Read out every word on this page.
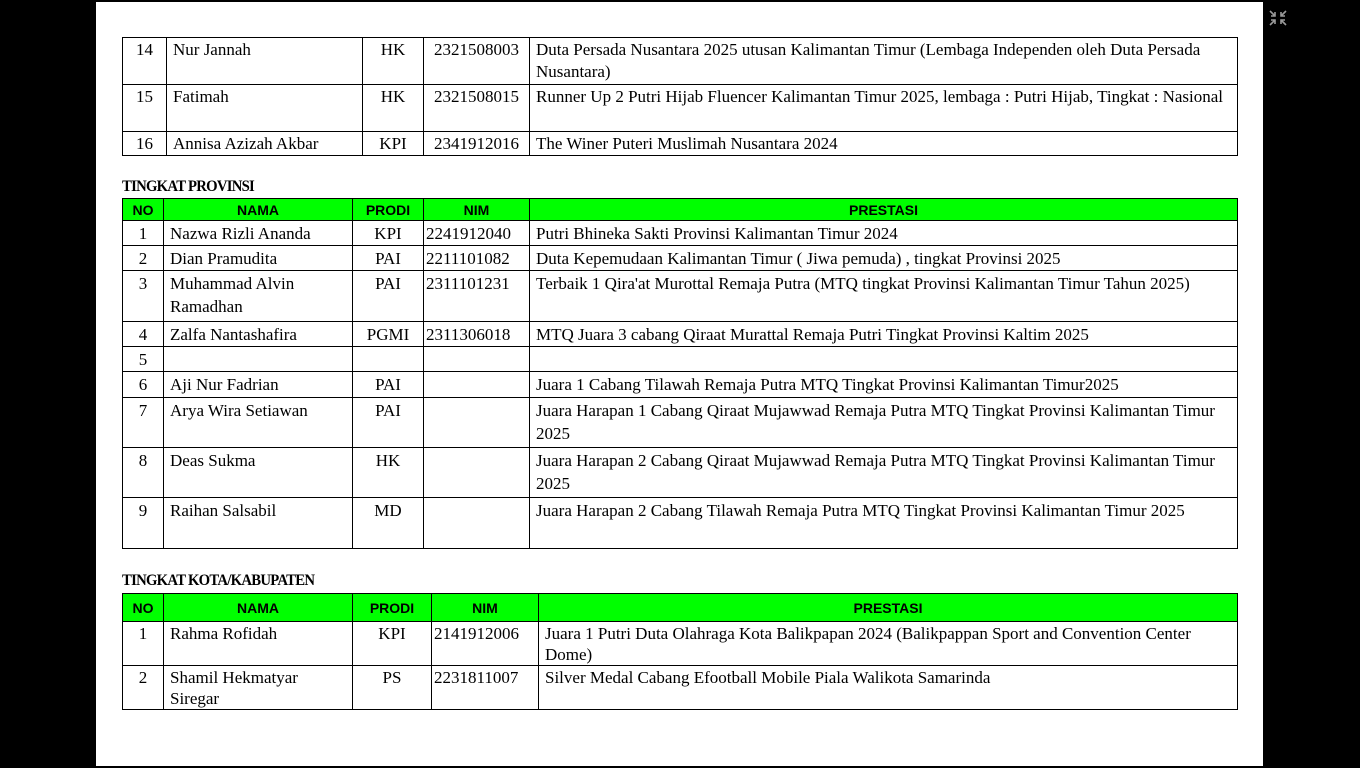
14	Nur Jannah	HK	2321508003	Duta Persada Nusantara 2025 utusan Kalimantan Timur (Lembaga Independen oleh Duta Persada Nusantara)
15	Fatimah	HK	2321508015	Runner Up 2 Putri Hijab Fluencer Kalimantan Timur 2025, lembaga : Putri Hijab, Tingkat : Nasional
16	Annisa Azizah Akbar	KPI	2341912016	The Winer Puteri Muslimah Nusantara 2024
TINGKAT PROVINSI
NO	NAMA	PRODI	NIM	PRESTASI
1	Nazwa Rizli Ananda	KPI	2241912040	Putri Bhineka Sakti Provinsi Kalimantan Timur 2024
2	Dian Pramudita	PAI	2211101082	Duta Kepemudaan Kalimantan Timur ( Jiwa pemuda) , tingkat Provinsi 2025
3	Muhammad Alvin Ramadhan	PAI	2311101231	Terbaik 1 Qira'at Murottal Remaja Putra (MTQ tingkat Provinsi Kalimantan Timur Tahun 2025)
4	Zalfa Nantashafira	PGMI	2311306018	MTQ Juara 3 cabang Qiraat Murattal Remaja Putri Tingkat Provinsi Kaltim 2025
5				
6	Aji Nur Fadrian	PAI		Juara 1 Cabang Tilawah Remaja Putra MTQ Tingkat Provinsi Kalimantan Timur2025
7	Arya Wira Setiawan	PAI		Juara Harapan 1 Cabang Qiraat Mujawwad Remaja Putra MTQ Tingkat Provinsi Kalimantan Timur 2025
8	Deas Sukma	HK		Juara Harapan 2 Cabang Qiraat Mujawwad Remaja Putra MTQ Tingkat Provinsi Kalimantan Timur 2025
9	Raihan Salsabil	MD		Juara Harapan 2 Cabang Tilawah Remaja Putra MTQ Tingkat Provinsi Kalimantan Timur 2025
TINGKAT KOTA/KABUPATEN
NO	NAMA	PRODI	NIM	PRESTASI
1	Rahma Rofidah	KPI	2141912006	Juara 1 Putri Duta Olahraga Kota Balikpapan 2024 (Balikpappan Sport and Convention Center Dome)
2	Shamil Hekmatyar Siregar	PS	2231811007	Silver Medal Cabang Efootball Mobile Piala Walikota Samarinda
